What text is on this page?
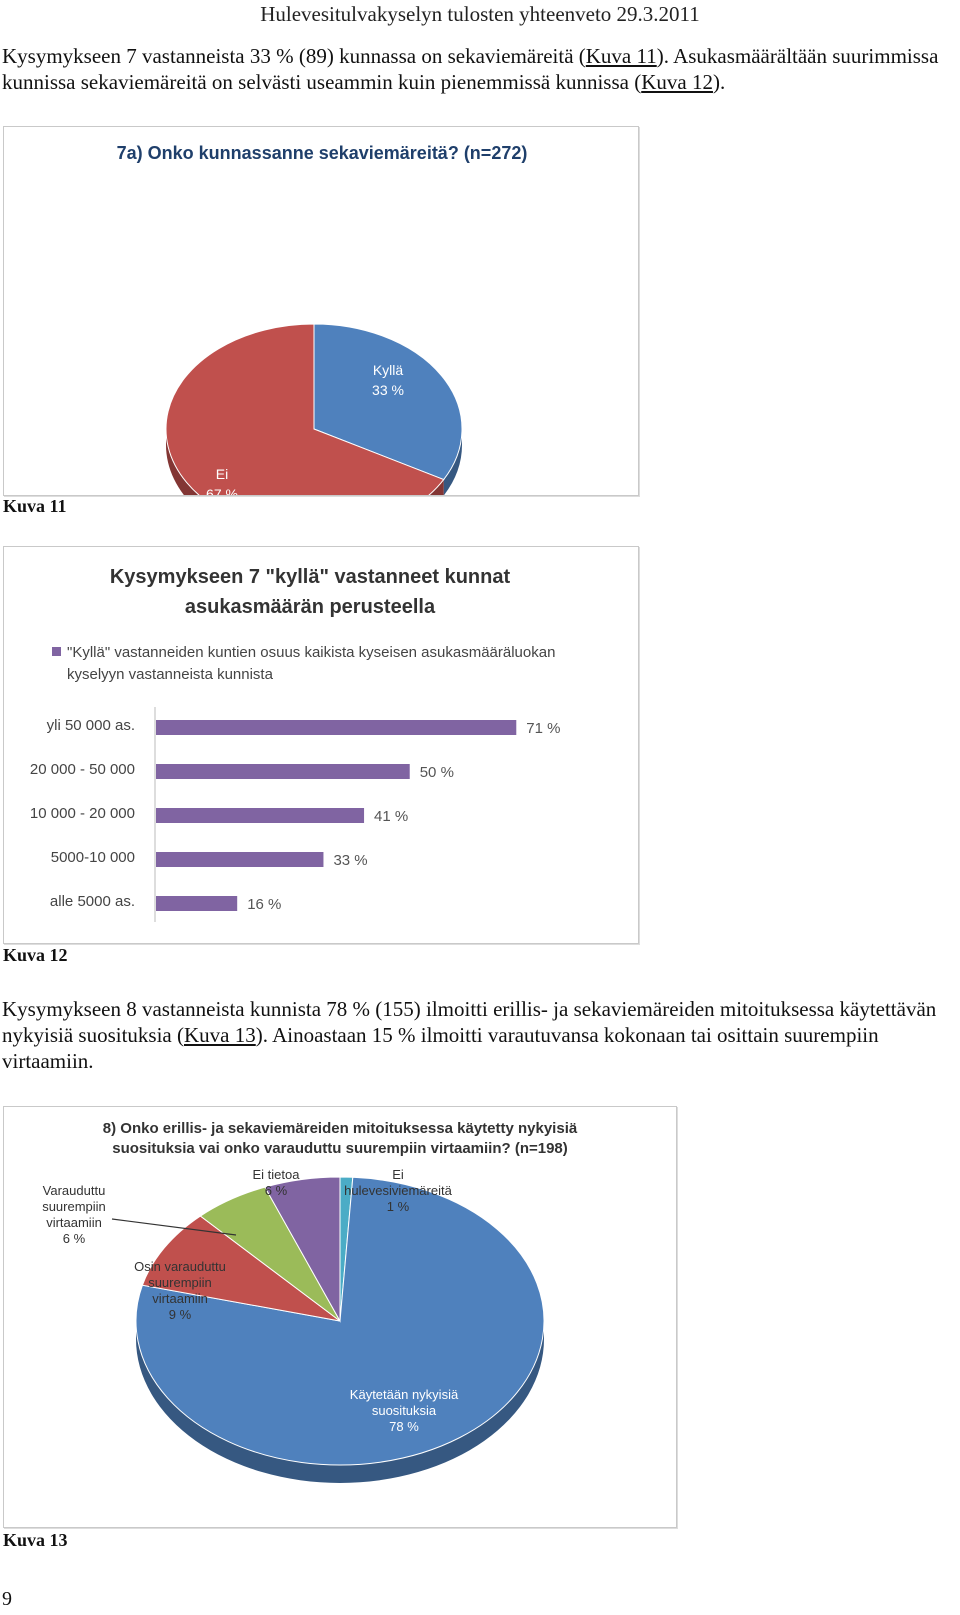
Hulevesitulvakyselyn tulosten yhteenveto 29.3.2011

Kysymykseen 7 vastanneista 33 % (89) kunnassa on sekaviemäreitä (Kuva 11). Asukasmäärältään suurimmissa kunnissa sekaviemäreitä on selvästi useammin kuin pienemmissä kunnissa (Kuva 12).

7a) Onko kunnassanne sekaviemäreitä? (n=272)
Kyllä
33 %
Ei
67 %
Kuva 11
Kysymykseen 7 "kyllä" vastanneet kunnat
asukasmäärän perusteella
"Kyllä" vastanneiden kuntien osuus kaikista kyseisen asukasmääräluokan
kyselyyn vastanneista kunnista
yli 50 000 as.	71 %
20 000 - 50 000	50 %
10 000 - 20 000	41 %
5000-10 000	33 %
alle 5000 as.	16 %
Kuva 12

Kysymykseen 8 vastanneista kunnista 78 % (155) ilmoitti erillis- ja sekaviemäreiden mitoituksessa käytettävän nykyisiä suosituksia (Kuva 13). Ainoastaan 15 % ilmoitti varautuvansa kokonaan tai osittain suurempiin virtaamiin.

8) Onko erillis- ja sekaviemäreiden mitoituksessa käytetty nykyisiä
suosituksia vai onko varauduttu suurempiin virtaamiin? (n=198)
Käytetään nykyisiä
suosituksia
78 %
Osin varauduttu
suurempiin
virtaamiin
9 %
Varauduttu
suurempiin
virtaamiin
6 %
Ei tietoa
6 %
Ei
hulevesiviemäreitä
1 %
Kuva 13
9
